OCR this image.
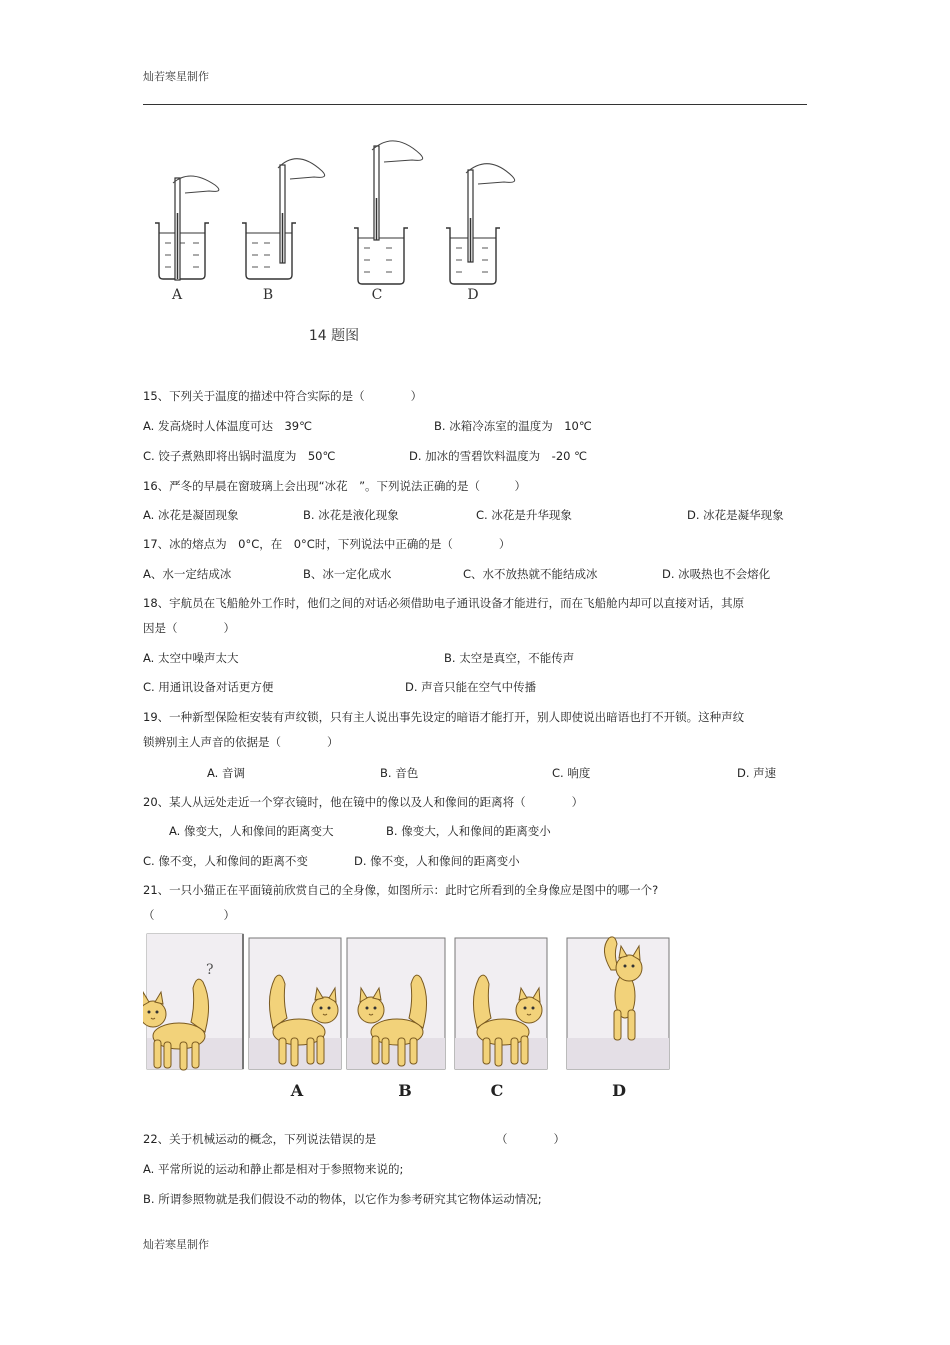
灿若寒星制作
A	B	C	D
14 题图
15、下列关于温度的描述中符合实际的是（　　　　）
A. 发高烧时人体温度可达　39℃	B. 冰箱冷冻室的温度为　10℃
C. 饺子煮熟即将出锅时温度为　50℃	D. 加冰的雪碧饮料温度为　-20 ℃
16、严冬的早晨在窗玻璃上会出现“冰花　”。下列说法正确的是（　　　）
A. 冰花是凝固现象	B. 冰花是液化现象	C. 冰花是升华现象	D. 冰花是凝华现象
17、冰的熔点为　0°C，在　0°C时，下列说法中正确的是（　　　　）
A、水一定结成冰	B、冰一定化成水	C、水不放热就不能结成冰	D. 冰吸热也不会熔化
18、宇航员在飞船舱外工作时，他们之间的对话必须借助电子通讯设备才能进行，而在飞船舱内却可以直接对话，其原
因是（　　　　）
A. 太空中噪声太大	B. 太空是真空，不能传声
C. 用通讯设备对话更方便	D. 声音只能在空气中传播
19、一种新型保险柜安装有声纹锁，只有主人说出事先设定的暗语才能打开，别人即使说出暗语也打不开锁。这种声纹
锁辨别主人声音的依据是（　　　　）
A. 音调	B. 音色	C. 响度	D. 声速
20、某人从远处走近一个穿衣镜时，他在镜中的像以及人和像间的距离将（　　　　）
A. 像变大，人和像间的距离变大	B. 像变大，人和像间的距离变小
C. 像不变，人和像间的距离不变	D. 像不变，人和像间的距离变小
21、一只小猫正在平面镜前欣赏自己的全身像，如图所示：此时它所看到的全身像应是图中的哪一个?
（　　　　　　）
?
A	B	C	D
22、关于机械运动的概念，下列说法错误的是	（　　　　）
A. 平常所说的运动和静止都是相对于参照物来说的;
B. 所谓参照物就是我们假设不动的物体，以它作为参考研究其它物体运动情况;
灿若寒星制作
